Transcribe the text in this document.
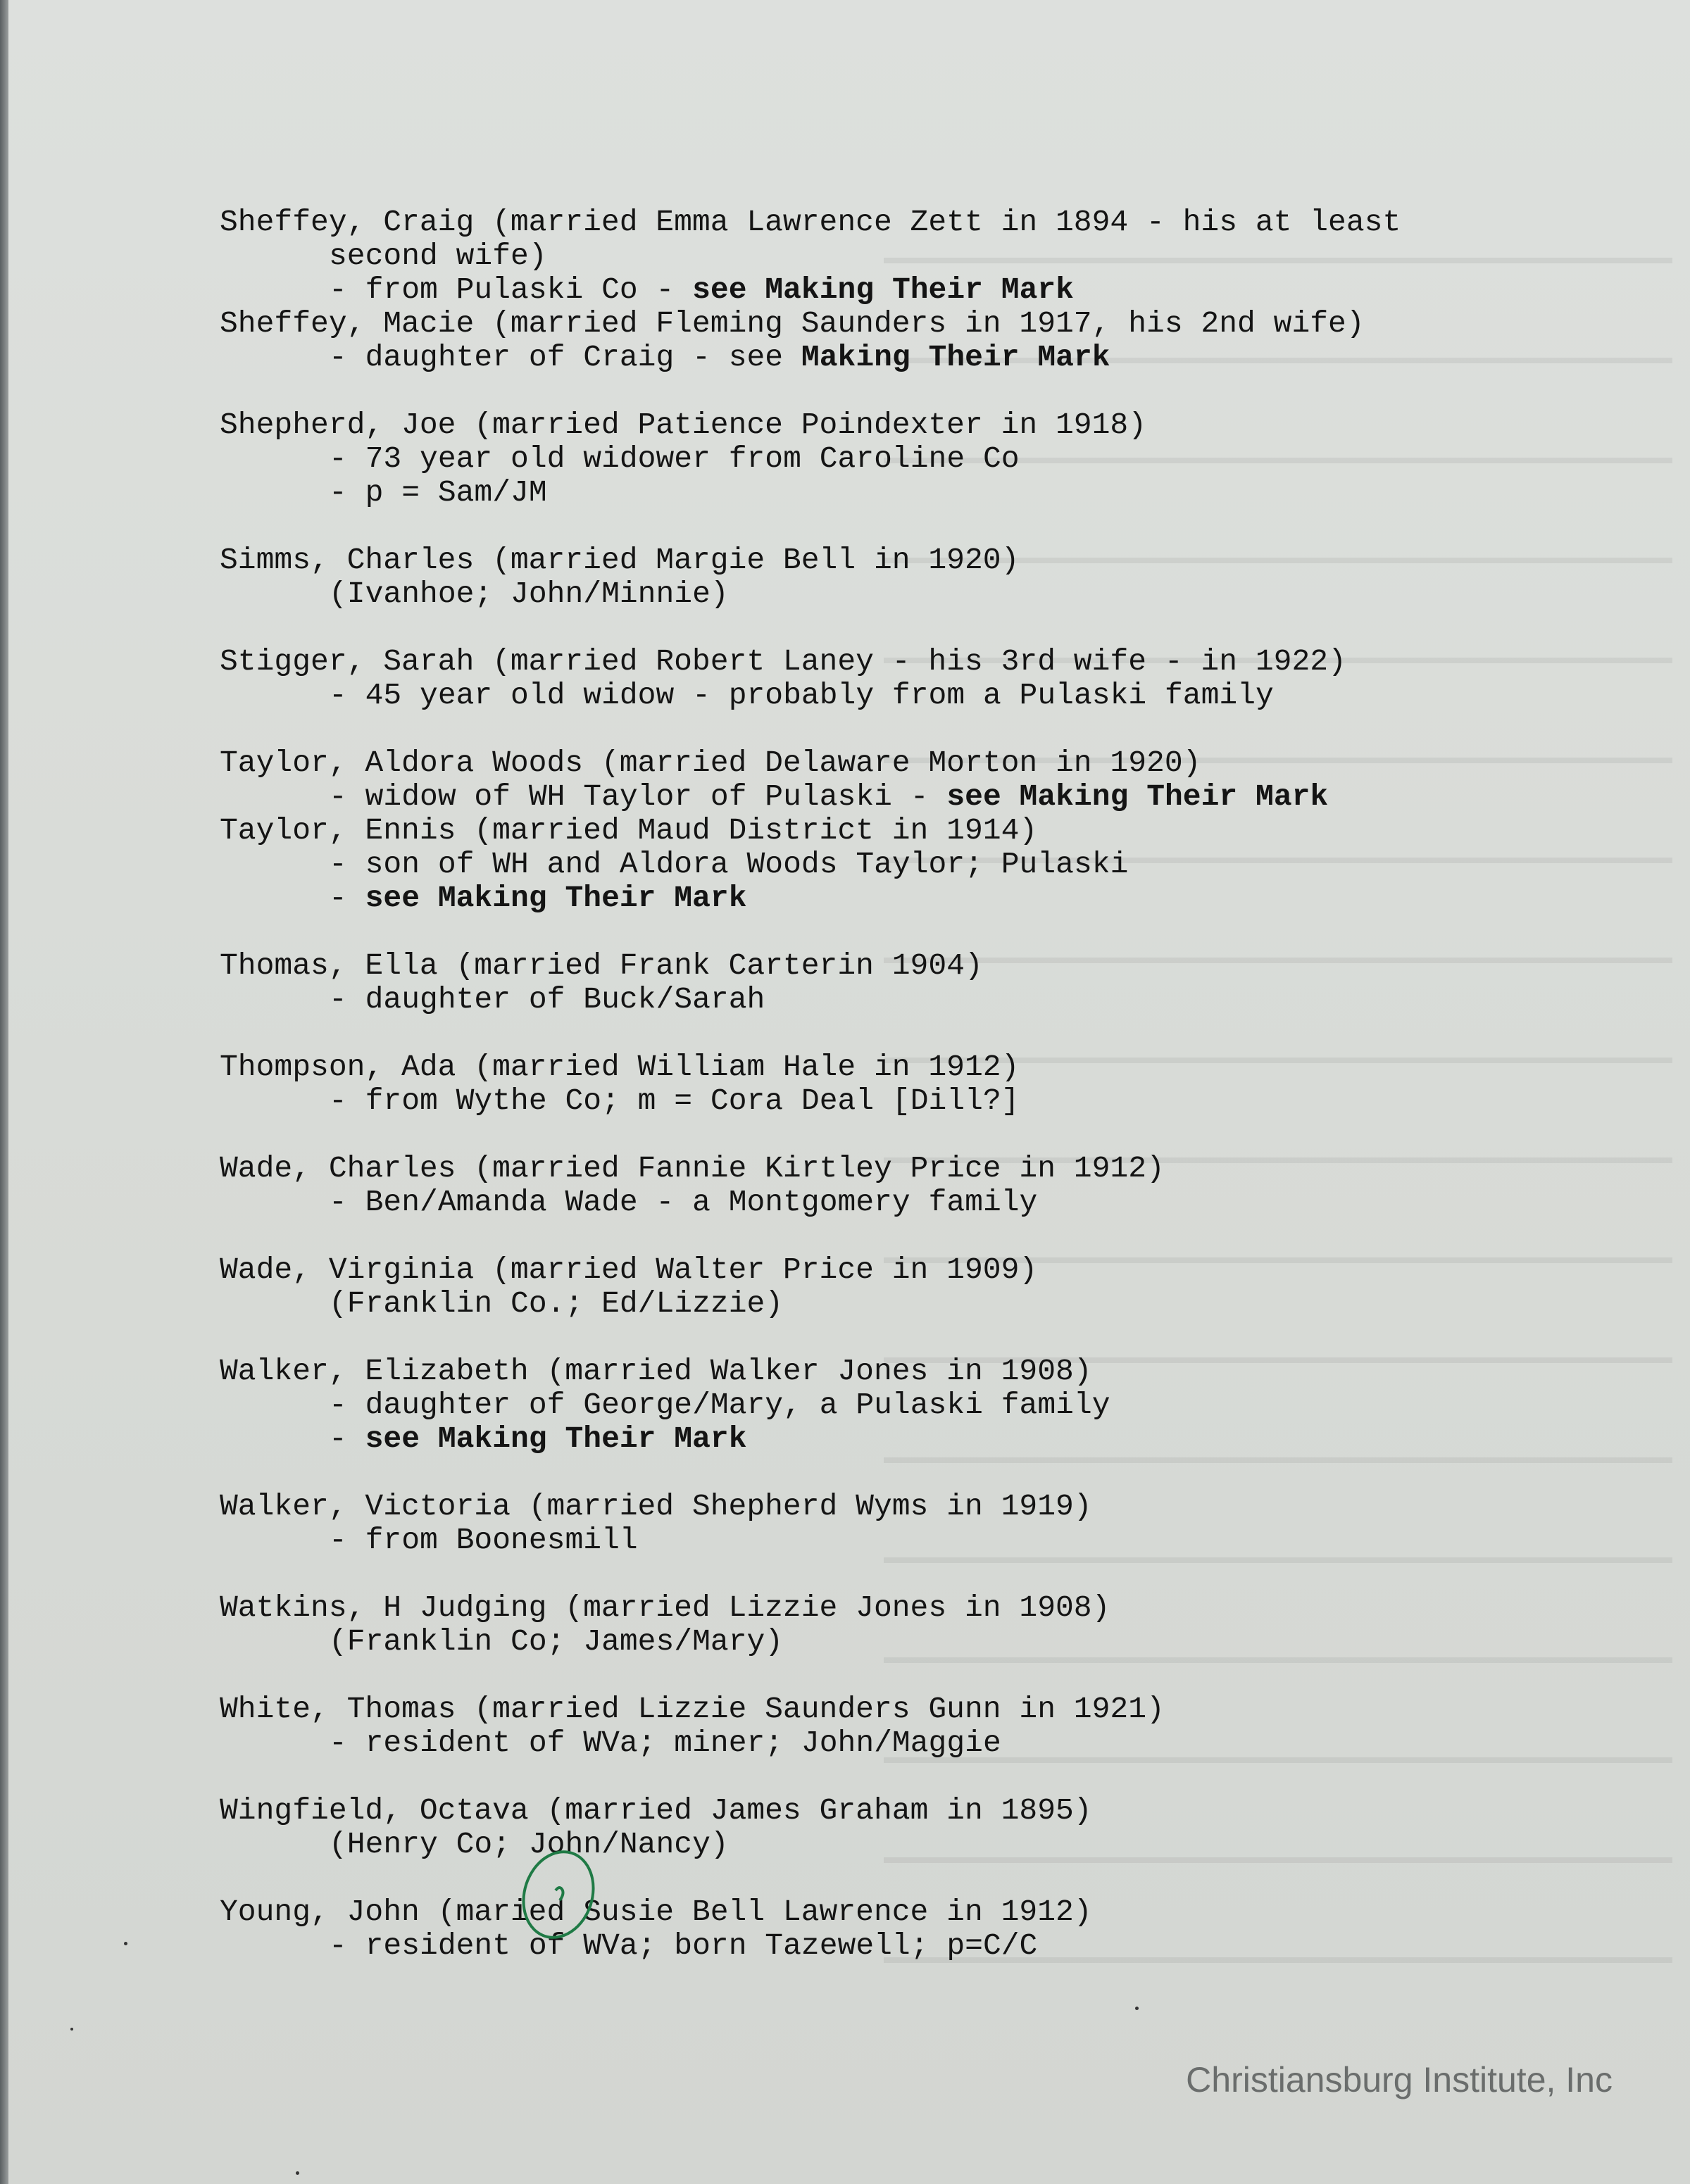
Sheffey, Craig (married Emma Lawrence Zett in 1894 - his at least
second wife)
- from Pulaski Co - see Making Their Mark
Sheffey, Macie (married Fleming Saunders in 1917, his 2nd wife)
- daughter of Craig - see Making Their Mark
Shepherd, Joe (married Patience Poindexter in 1918)
- 73 year old widower from Caroline Co
- p = Sam/JM
Simms, Charles (married Margie Bell in 1920)
(Ivanhoe; John/Minnie)
Stigger, Sarah (married Robert Laney - his 3rd wife - in 1922)
- 45 year old widow - probably from a Pulaski family
Taylor, Aldora Woods (married Delaware Morton in 1920)
- widow of WH Taylor of Pulaski - see Making Their Mark
Taylor, Ennis (married Maud District in 1914)
- son of WH and Aldora Woods Taylor; Pulaski
- see Making Their Mark
Thomas, Ella (married Frank Carterin 1904)
- daughter of Buck/Sarah
Thompson, Ada (married William Hale in 1912)
- from Wythe Co; m = Cora Deal [Dill?]
Wade, Charles (married Fannie Kirtley Price in 1912)
- Ben/Amanda Wade - a Montgomery family
Wade, Virginia (married Walter Price in 1909)
(Franklin Co.; Ed/Lizzie)
Walker, Elizabeth (married Walker Jones in 1908)
- daughter of George/Mary, a Pulaski family
- see Making Their Mark
Walker, Victoria (married Shepherd Wyms in 1919)
- from Boonesmill
Watkins, H Judging (married Lizzie Jones in 1908)
(Franklin Co; James/Mary)
White, Thomas (married Lizzie Saunders Gunn in 1921)
- resident of WVa; miner; John/Maggie
Wingfield, Octava (married James Graham in 1895)
(Henry Co; John/Nancy)
Young, John (maried Susie Bell Lawrence in 1912)
- resident of WVa; born Tazewell; p=C/C
Christiansburg Institute, Inc
